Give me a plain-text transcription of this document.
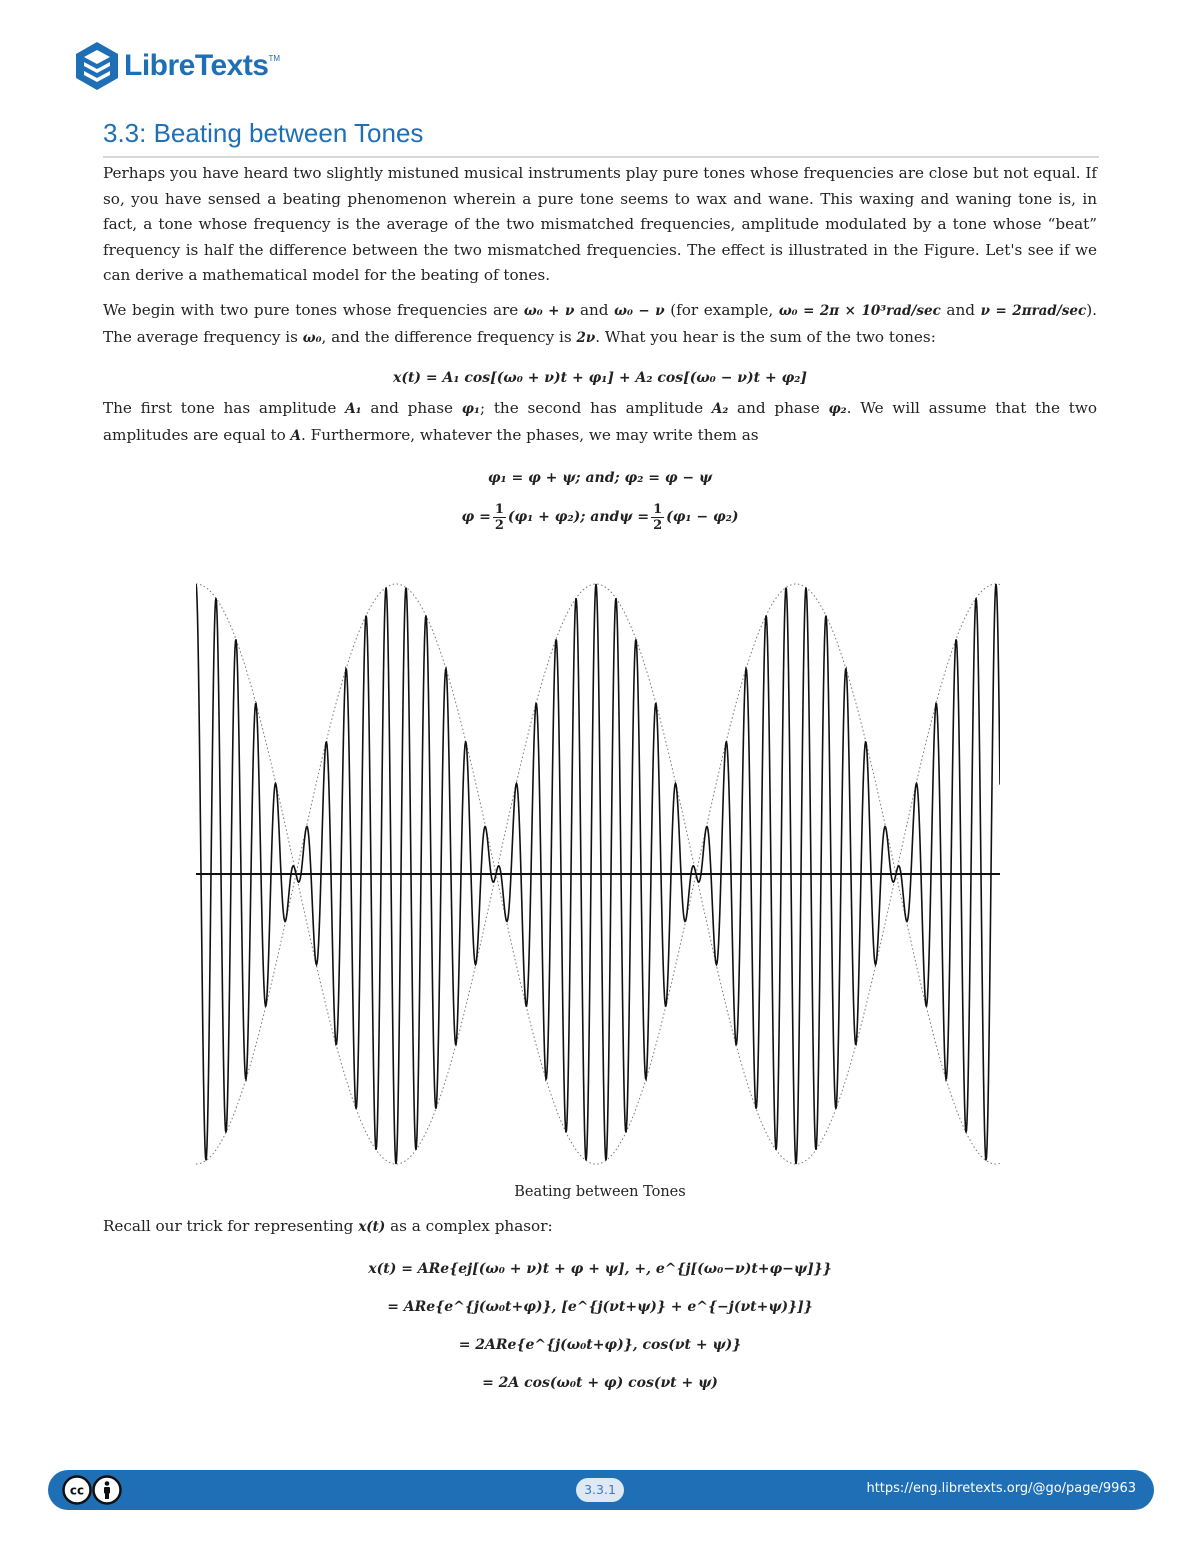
LibreTexts TM
3.3: Beating between Tones

Perhaps you have heard two slightly mistuned musical instruments play pure tones whose frequencies are close but not equal. If so, you have sensed a beating phenomenon wherein a pure tone seems to wax and wane. This waxing and waning tone is, in fact, a tone whose frequency is the average of the two mismatched frequencies, amplitude modulated by a tone whose “beat” frequency is half the difference between the two mismatched frequencies. The effect is illustrated in the Figure. Let's see if we can derive a mathematical model for the beating of tones.

We begin with two pure tones whose frequencies are ω₀ + ν and ω₀ − ν (for example, ω₀ = 2π × 10³rad/sec and ν = 2πrad/sec). The average frequency is ω₀, and the difference frequency is 2ν. What you hear is the sum of the two tones:

x(t) = A₁ cos[(ω₀ + ν)t + φ₁] + A₂ cos[(ω₀ − ν)t + φ₂]

The first tone has amplitude A₁ and phase φ₁; the second has amplitude A₂ and phase φ₂. We will assume that the two amplitudes are equal to A. Furthermore, whatever the phases, we may write them as

φ₁ = φ + ψ; and; φ₂ = φ − ψ
$\varphi = \frac{1}{2} (\varphi_1 + \varphi_2)$; $and\psi = \frac{1}{2} (\varphi_1 - \varphi_2)$
Beating between Tones

Recall our trick for representing x(t) as a complex phasor:

x(t) = ARe{ej[(ω₀ + ν)t + φ + ψ], +, e^{j[(ω₀−ν)t+φ−ψ]}}
= ARe{e^{j(ω₀t+φ)}, [e^{j(νt+ψ)} + e^{−j(νt+ψ)}]}
= 2ARe{e^{j(ω₀t+φ)}, cos(νt + ψ)}
= 2A cos(ω₀t + φ) cos(νt + ψ)
cc	3.3.1	https://eng.libretexts.org/@go/page/9963
